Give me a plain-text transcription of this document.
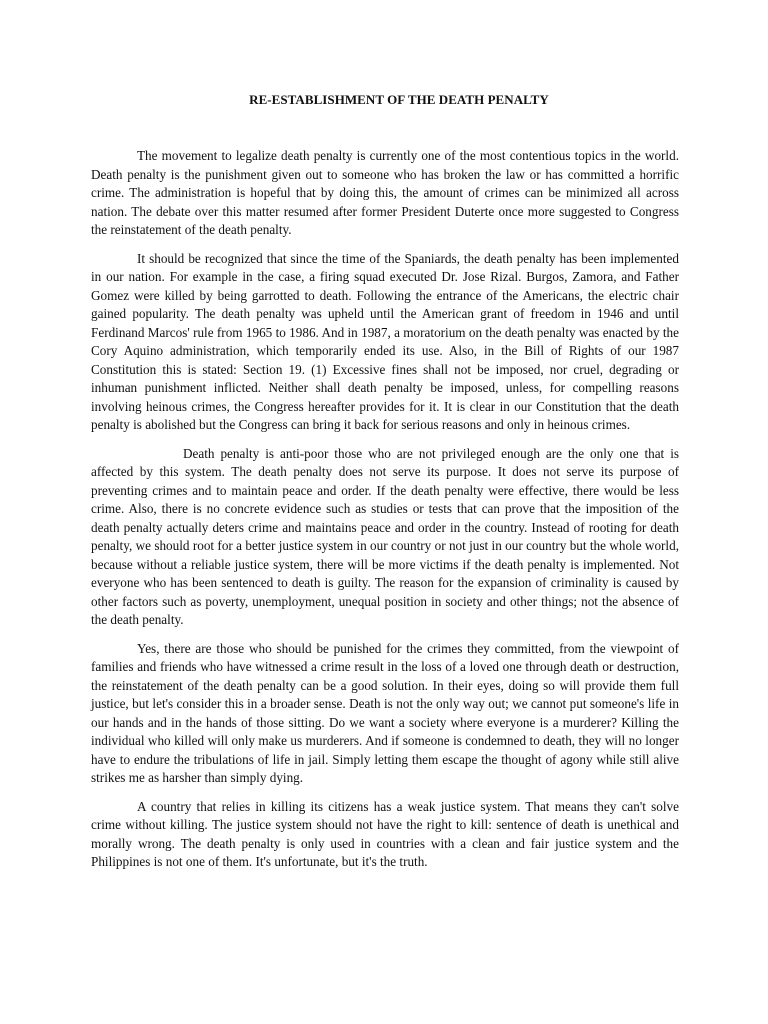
RE-ESTABLISHMENT OF THE DEATH PENALTY

The movement to legalize death penalty is currently one of the most contentious topics in the world. Death penalty is the punishment given out to someone who has broken the law or has committed a horrific crime. The administration is hopeful that by doing this, the amount of crimes can be minimized all across nation. The debate over this matter resumed after former President Duterte once more suggested to Congress the reinstatement of the death penalty.

It should be recognized that since the time of the Spaniards, the death penalty has been implemented in our nation. For example in the case, a firing squad executed Dr. Jose Rizal. Burgos, Zamora, and Father Gomez were killed by being garrotted to death. Following the entrance of the Americans, the electric chair gained popularity. The death penalty was upheld until the American grant of freedom in 1946 and until Ferdinand Marcos' rule from 1965 to 1986. And in 1987, a moratorium on the death penalty was enacted by the Cory Aquino administration, which temporarily ended its use. Also, in the Bill of Rights of our 1987 Constitution this is stated: Section 19. (1) Excessive fines shall not be imposed, nor cruel, degrading or inhuman punishment inflicted. Neither shall death penalty be imposed, unless, for compelling reasons involving heinous crimes, the Congress hereafter provides for it. It is clear in our Constitution that the death penalty is abolished but the Congress can bring it back for serious reasons and only in heinous crimes.

Death penalty is anti-poor those who are not privileged enough are the only one that is affected by this system. The death penalty does not serve its purpose. It does not serve its purpose of preventing crimes and to maintain peace and order. If the death penalty were effective, there would be less crime. Also, there is no concrete evidence such as studies or tests that can prove that the imposition of the death penalty actually deters crime and maintains peace and order in the country. Instead of rooting for death penalty, we should root for a better justice system in our country or not just in our country but the whole world, because without a reliable justice system, there will be more victims if the death penalty is implemented. Not everyone who has been sentenced to death is guilty. The reason for the expansion of criminality is caused by other factors such as poverty, unemployment, unequal position in society and other things; not the absence of the death penalty.

Yes, there are those who should be punished for the crimes they committed, from the viewpoint of families and friends who have witnessed a crime result in the loss of a loved one through death or destruction, the reinstatement of the death penalty can be a good solution. In their eyes, doing so will provide them full justice, but let's consider this in a broader sense. Death is not the only way out; we cannot put someone's life in our hands and in the hands of those sitting. Do we want a society where everyone is a murderer? Killing the individual who killed will only make us murderers. And if someone is condemned to death, they will no longer have to endure the tribulations of life in jail. Simply letting them escape the thought of agony while still alive strikes me as harsher than simply dying.

A country that relies in killing its citizens has a weak justice system. That means they can't solve crime without killing. The justice system should not have the right to kill: sentence of death is unethical and morally wrong. The death penalty is only used in countries with a clean and fair justice system and the Philippines is not one of them. It's unfortunate, but it's the truth.
